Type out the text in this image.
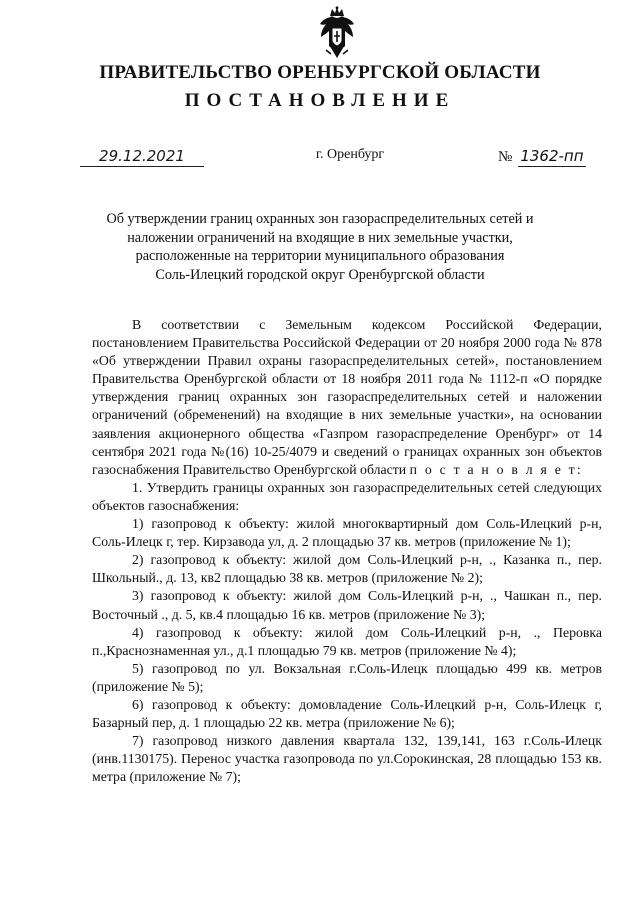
ПРАВИТЕЛЬСТВО ОРЕНБУРГСКОЙ ОБЛАСТИ
ПОСТАНОВЛЕНИЕ
29.12.2021	г. Оренбург	№ 1362-пп
Об утверждении границ охранных зон газораспределительных сетей и
наложении ограничений на входящие в них земельные участки,
расположенные на территории муниципального образования
Соль-Илецкий городской округ Оренбургской области

В соответствии с Земельным кодексом Российской Федерации, постановлением Правительства Российской Федерации от 20 ноября 2000 года № 878 «Об утверждении Правил охраны газораспределительных сетей», постановлением Правительства Оренбургской области от 18 ноября 2011 года № 1112-п «О порядке утверждения границ охранных зон газораспределительных сетей и наложении ограничений (обременений) на входящие в них земельные участки», на основании заявления акционерного общества «Газпром газораспределение Оренбург» от 14 сентября 2021 года №(16) 10-25/4079 и сведений о границах охранных зон объектов газоснабжения Правительство Оренбургской области п о с т а н о в л я е т:

1. Утвердить границы охранных зон газораспределительных сетей следующих объектов газоснабжения:

1) газопровод к объекту: жилой многоквартирный дом Соль-Илецкий р-н, Соль-Илецк г, тер. Кирзавода ул, д. 2 площадью 37 кв. метров (приложение № 1);

2) газопровод к объекту: жилой дом Соль-Илецкий р-н, ., Казанка п., пер. Школьный., д. 13, кв2 площадью 38 кв. метров (приложение № 2);

3) газопровод к объекту: жилой дом Соль-Илецкий р-н, ., Чашкан п., пер. Восточный ., д. 5, кв.4 площадью 16 кв. метров (приложение № 3);

4) газопровод к объекту: жилой дом Соль-Илецкий р-н, ., Перовка п.,Краснознаменная ул., д.1 площадью 79 кв. метров (приложение № 4);

5) газопровод по ул. Вокзальная г.Соль-Илецк площадью 499 кв. метров (приложение № 5);

6) газопровод к объекту: домовладение Соль-Илецкий р-н, Соль-Илецк г, Базарный пер, д. 1 площадью 22 кв. метра (приложение № 6);

7) газопровод низкого давления квартала 132, 139,141, 163 г.Соль-Илецк (инв.1130175). Перенос участка газопровода по ул.Сорокинская, 28 площадью 153 кв. метра (приложение № 7);
